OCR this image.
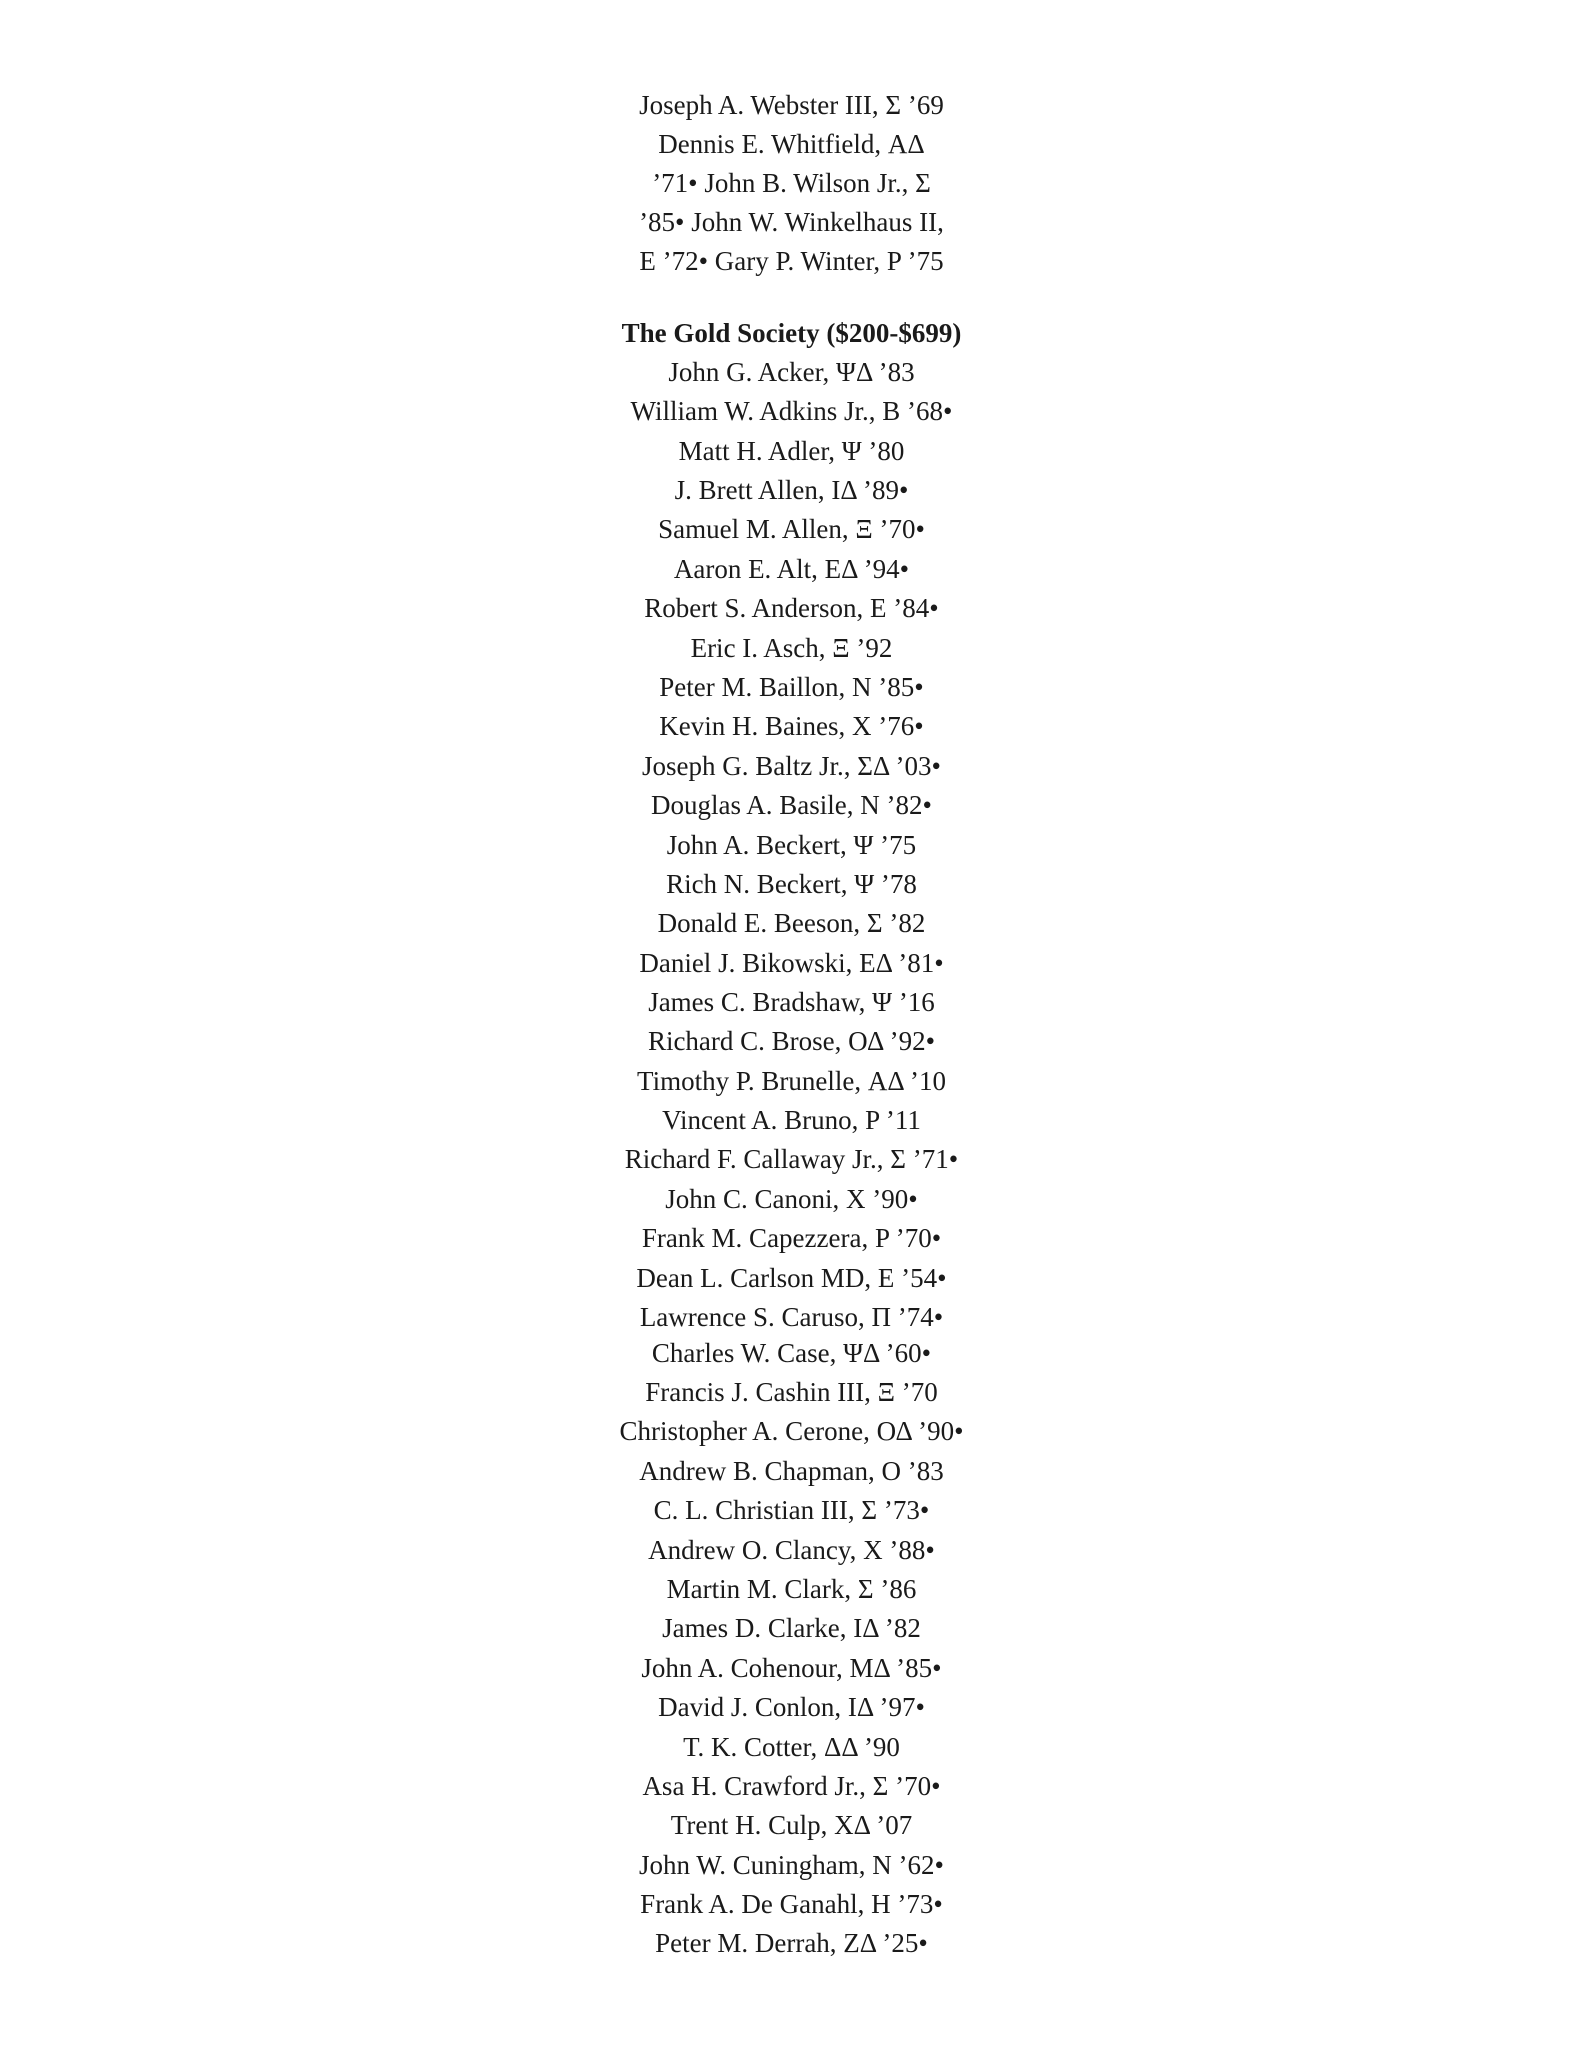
Joseph A. Webster III, Σ ’69
Dennis E. Whitfield, ΑΔ
’71• John B. Wilson Jr., Σ
’85• John W. Winkelhaus II,
E ’72• Gary P. Winter, P ’75
The Gold Society ($200-$699)
John G. Acker, ΨΔ ’83
William W. Adkins Jr., B ’68•
Matt H. Adler, Ψ ’80
J. Brett Allen, ΙΔ ’89•
Samuel M. Allen, Ξ ’70•
Aaron E. Alt, EΔ ’94•
Robert S. Anderson, E ’84•
Eric I. Asch, Ξ ’92
Peter M. Baillon, N ’85•
Kevin H. Baines, X ’76•
Joseph G. Baltz Jr., ΣΔ ’03•
Douglas A. Basile, N ’82•
John A. Beckert, Ψ ’75
Rich N. Beckert, Ψ ’78
Donald E. Beeson, Σ ’82
Daniel J. Bikowski, EΔ ’81•
James C. Bradshaw, Ψ ’16
Richard C. Brose, ΟΔ ’92•
Timothy P. Brunelle, ΑΔ ’10
Vincent A. Bruno, P ’11
Richard F. Callaway Jr., Σ ’71•
John C. Canoni, X ’90•
Frank M. Capezzera, P ’70•
Dean L. Carlson MD, E ’54•
Lawrence S. Caruso, Π ’74•
Charles W. Case, ΨΔ ’60•
Francis J. Cashin III, Ξ ’70
Christopher A. Cerone, ΟΔ ’90•
Andrew B. Chapman, O ’83
C. L. Christian III, Σ ’73•
Andrew O. Clancy, X ’88•
Martin M. Clark, Σ ’86
James D. Clarke, ΙΔ ’82
John A. Cohenour, ΜΔ ’85•
David J. Conlon, ΙΔ ’97•
T. K. Cotter, ΔΔ ’90
Asa H. Crawford Jr., Σ ’70•
Trent H. Culp, ΧΔ ’07
John W. Cuningham, N ’62•
Frank A. De Ganahl, H ’73•
Peter M. Derrah, ΖΔ ’25•
